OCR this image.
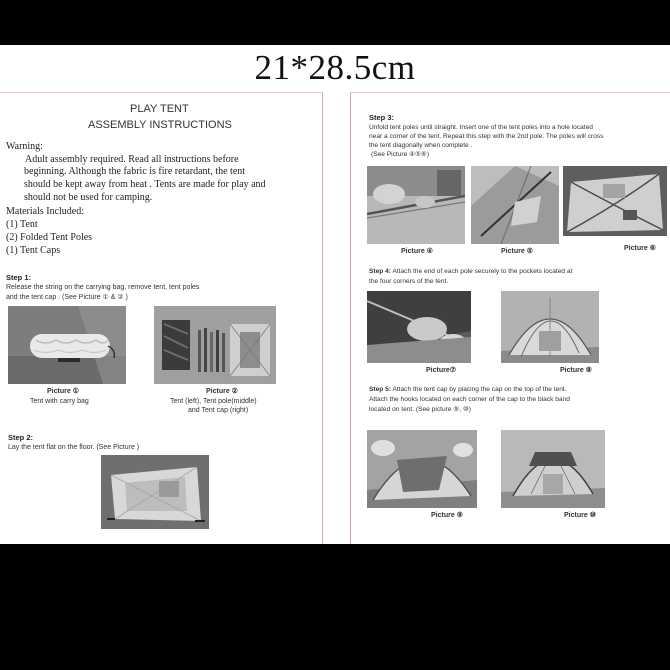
21*28.5cm
PLAY TENT
ASSEMBLY INSTRUCTIONS
Warning:
Adult assembly required. Read all instructions before
beginning. Although the fabric is fire retardant, the tent
should be kept away from heat . Tents are made for play and
should not be used for camping.
Materials Included:
(1) Tent
(2) Folded Tent Poles
(1) Tent Caps
Step 1:
Release the string on the carrying bag, remove tent, tent poles
and the tent cap . (See Picture ① & ② )
Picture ①
Tent with carry bag
Picture ②
Tent (left), Tent pole(middle)
and Tent cap (right)
Step 2:
Lay the tent flat on the floor. (See Picture )
Step 3:
Unfold tent poles until straight. Insert one of the tent poles into a hole located
near a corner of the tent. Repeat this step with the 2nd pole. The poles will cross
the tent diagonally when complete .
(See Picture ④⑤⑥)
Picture ④	Picture ⑤	Picture ⑥
Step 4: Attach the end of each pole securely to the pockets located at
the four corners of the tent.
Picture⑦	Picture ⑧
Step 5: Attach the tent cap by placing the cap on the top of the tent.
Attach the hooks located on each corner of the cap to the black band
located on tent. (See picture ⑨, ⑩)
Picture ⑨	Picture ⑩
